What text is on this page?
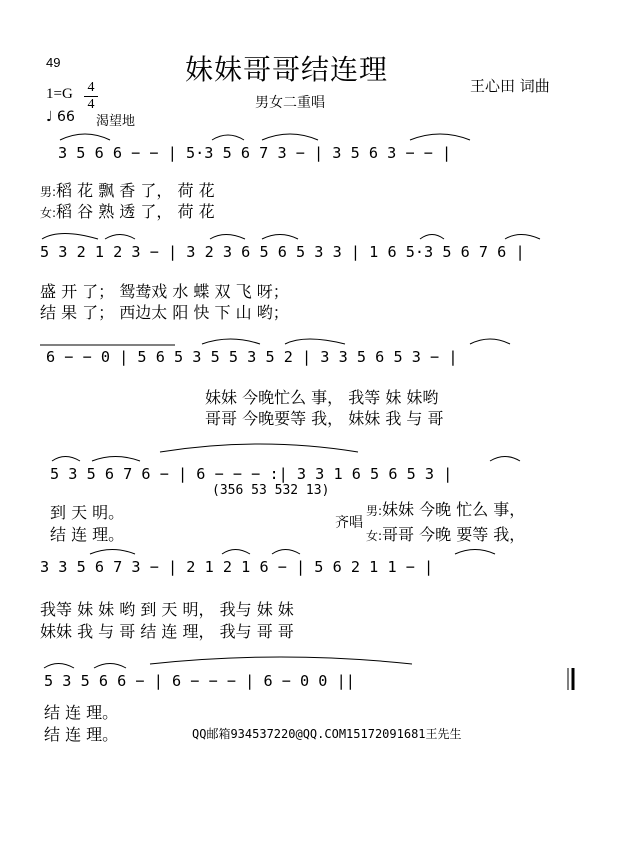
49	妹妹哥哥结连理
男女二重唱
王心田 词曲
$1=G \frac{4}{4}$
♩ 66 渴望地
3 5 6 6 − − | 5·3 5 6 7 3 − | 3 5 6 3 − − |
男:稻 花 飘 香 了， 荷 花
女:稻 谷 熟 透 了， 荷 花
5 3 2 1 2 3 − | 3 2 3 6 5 6 5 3 3 | 1 6 5·3 5 6 7 6 |
盛 开 了； 鸳鸯戏 水 蝶 双 飞 呀；
结 果 了； 西边太 阳 快 下 山 哟；
6 − − 0 | 5 6 5 3 5 5 3 5 2 | 3 3 5 6 5 3 − |
妹妹 今晚忙么 事， 我等 妹 妹哟
哥哥 今晚要等 我， 妹妹 我 与 哥
5 3 5 6 7 6 − | 6 − − − :| 3 3 1 6 5 6 5 3 |
(356 53 532 13)
到 天 明。
结 连 理。
齐唱
男:妹妹 今晚 忙么 事，
女:哥哥 今晚 要等 我，
3 3 5 6 7 3 − | 2 1 2 1 6 − | 5 6 2 1 1 − |
我等 妹 妹 哟 到 天 明， 我与 妹 妹
妹妹 我 与 哥 结 连 理， 我与 哥 哥
5 3 5 6 6 − | 6 − − − | 6 − 0 0 ||
结 连 理。
结 连 理。	QQ邮箱934537220@QQ.COM15172091681王先生
